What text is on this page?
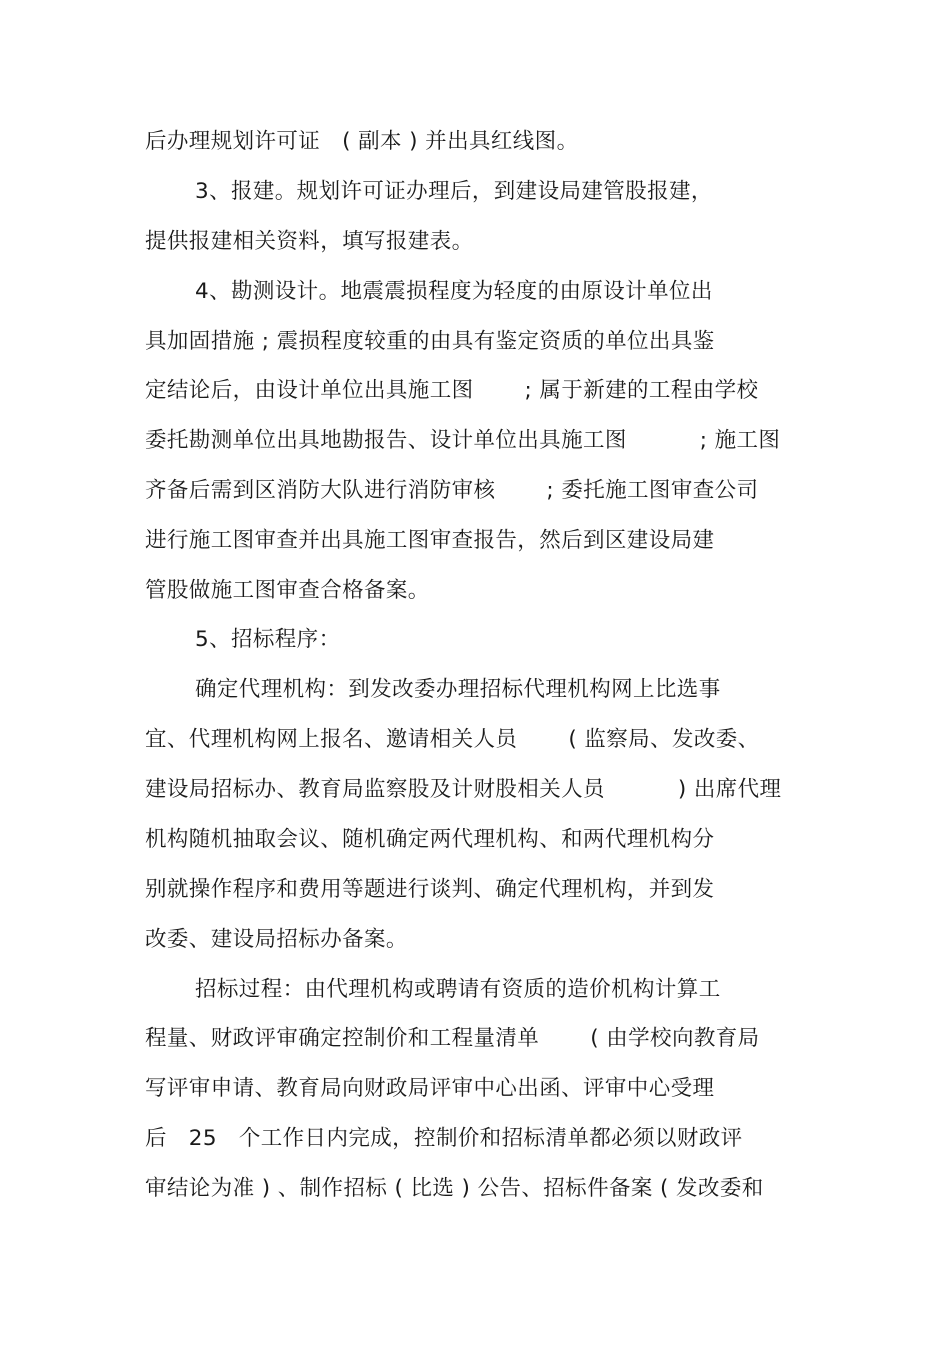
后办理规划许可证　( 副本 ) 并出具红线图。
3、报建。规划许可证办理后，到建设局建管股报建，
提供报建相关资料，填写报建表。
4、勘测设计。地震震损程度为轻度的由原设计单位出
具加固措施 ; 震损程度较重的由具有鉴定资质的单位出具鉴
定结论后，由设计单位出具施工图　　 ; 属于新建的工程由学校
委托勘测单位出具地勘报告、设计单位出具施工图　　　 ; 施工图
齐备后需到区消防大队进行消防审核　　 ; 委托施工图审查公司
进行施工图审查并出具施工图审查报告，然后到区建设局建
管股做施工图审查合格备案。
5、招标程序：
确定代理机构：到发改委办理招标代理机构网上比选事
宜、代理机构网上报名、邀请相关人员　　 ( 监察局、发改委、
建设局招标办、教育局监察股及计财股相关人员　　　 ) 出席代理
机构随机抽取会议、随机确定两代理机构、和两代理机构分
别就操作程序和费用等题进行谈判、确定代理机构，并到发
改委、建设局招标办备案。
招标过程：由代理机构或聘请有资质的造价机构计算工
程量、财政评审确定控制价和工程量清单　　 ( 由学校向教育局
写评审申请、教育局向财政局评审中心出函、评审中心受理
后　25　个工作日内完成，控制价和招标清单都必须以财政评
审结论为准 ) 、制作招标 ( 比选 ) 公告、招标件备案 ( 发改委和
